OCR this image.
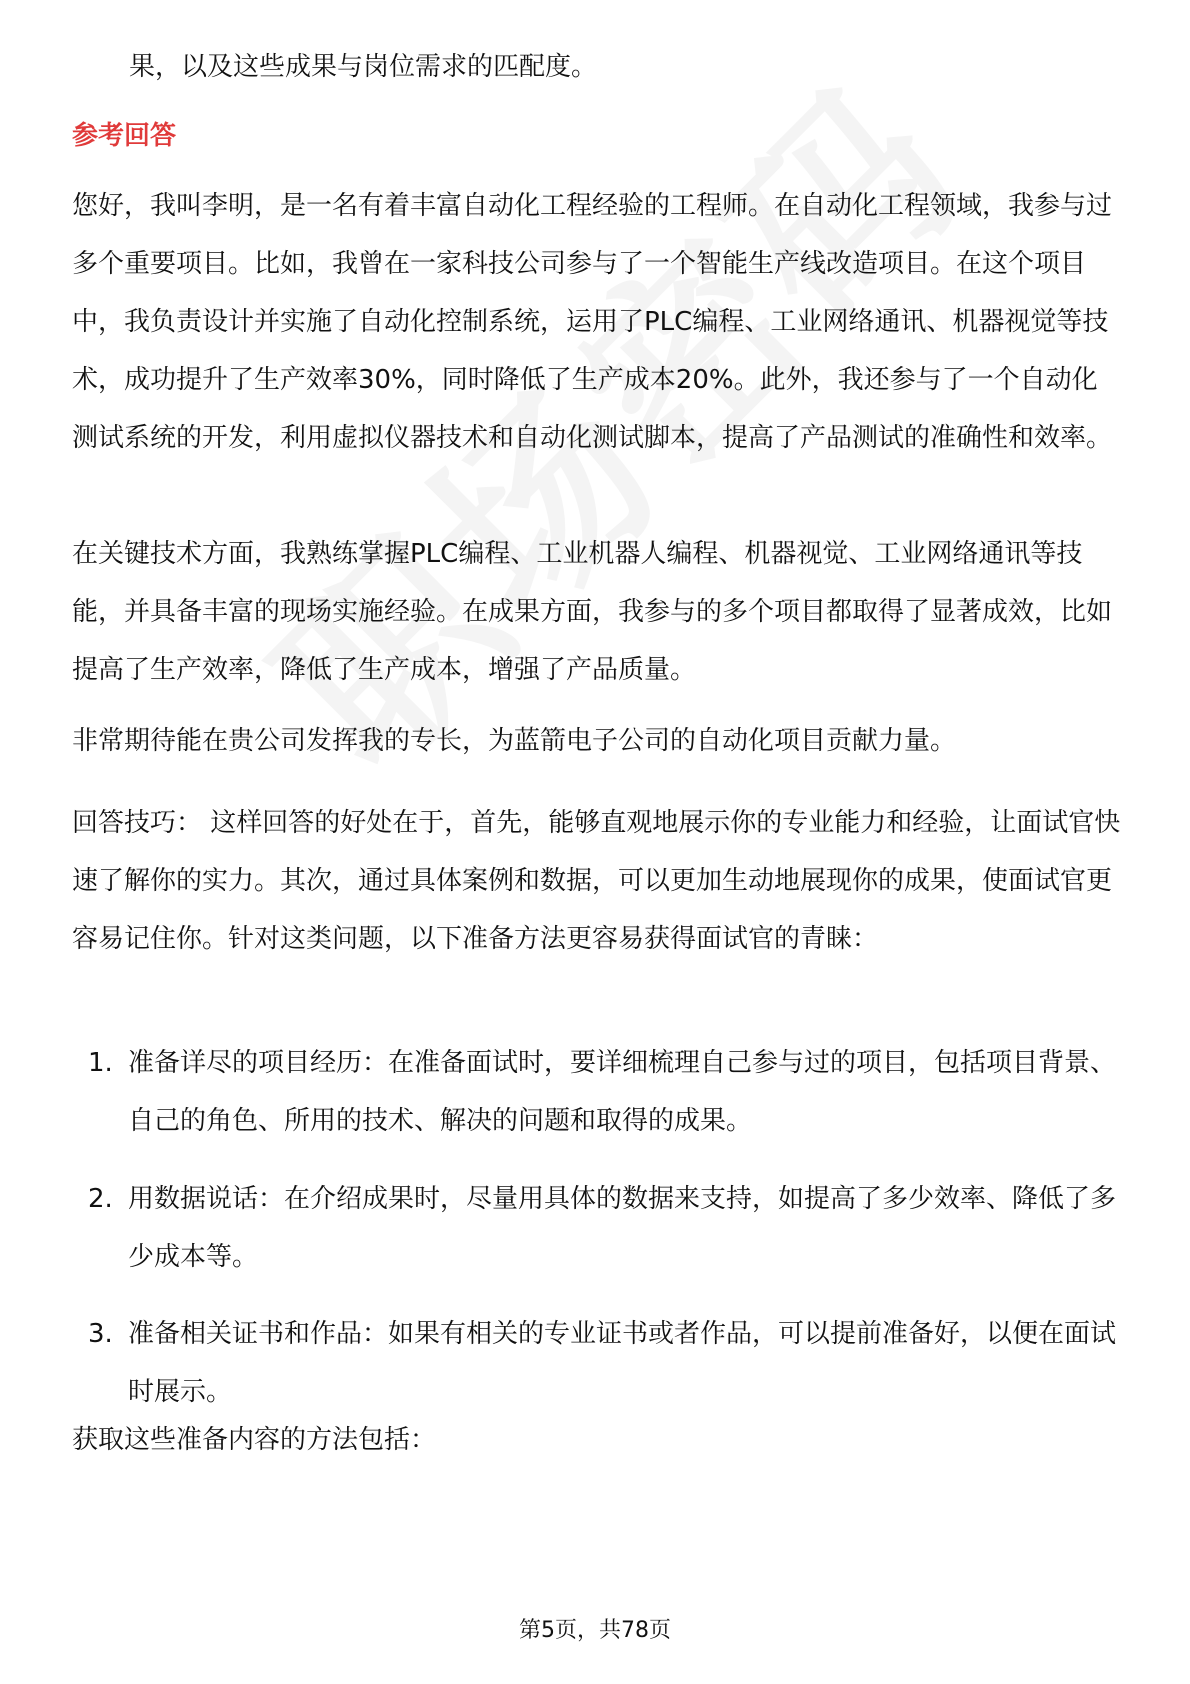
果，以及这些成果与岗位需求的匹配度。
参考回答
您好，我叫李明，是一名有着丰富自动化工程经验的工程师。在自动化工程领域，我参与过多个重要项目。比如，我曾在一家科技公司参与了一个智能生产线改造项目。在这个项目中，我负责设计并实施了自动化控制系统，运用了PLC编程、工业网络通讯、机器视觉等技术，成功提升了生产效率30%，同时降低了生产成本20%。此外，我还参与了一个自动化测试系统的开发，利用虚拟仪器技术和自动化测试脚本，提高了产品测试的准确性和效率。
在关键技术方面，我熟练掌握PLC编程、工业机器人编程、机器视觉、工业网络通讯等技能，并具备丰富的现场实施经验。在成果方面，我参与的多个项目都取得了显著成效，比如提高了生产效率，降低了生产成本，增强了产品质量。
非常期待能在贵公司发挥我的专长，为蓝箭电子公司的自动化项目贡献力量。
回答技巧： 这样回答的好处在于，首先，能够直观地展示你的专业能力和经验，让面试官快速了解你的实力。其次，通过具体案例和数据，可以更加生动地展现你的成果，使面试官更容易记住你。针对这类问题，以下准备方法更容易获得面试官的青睐：
1. 准备详尽的项目经历：在准备面试时，要详细梳理自己参与过的项目，包括项目背景、自己的角色、所用的技术、解决的问题和取得的成果。
2. 用数据说话：在介绍成果时，尽量用具体的数据来支持，如提高了多少效率、降低了多少成本等。
3. 准备相关证书和作品：如果有相关的专业证书或者作品，可以提前准备好，以便在面试时展示。
获取这些准备内容的方法包括：
第5页，共78页
